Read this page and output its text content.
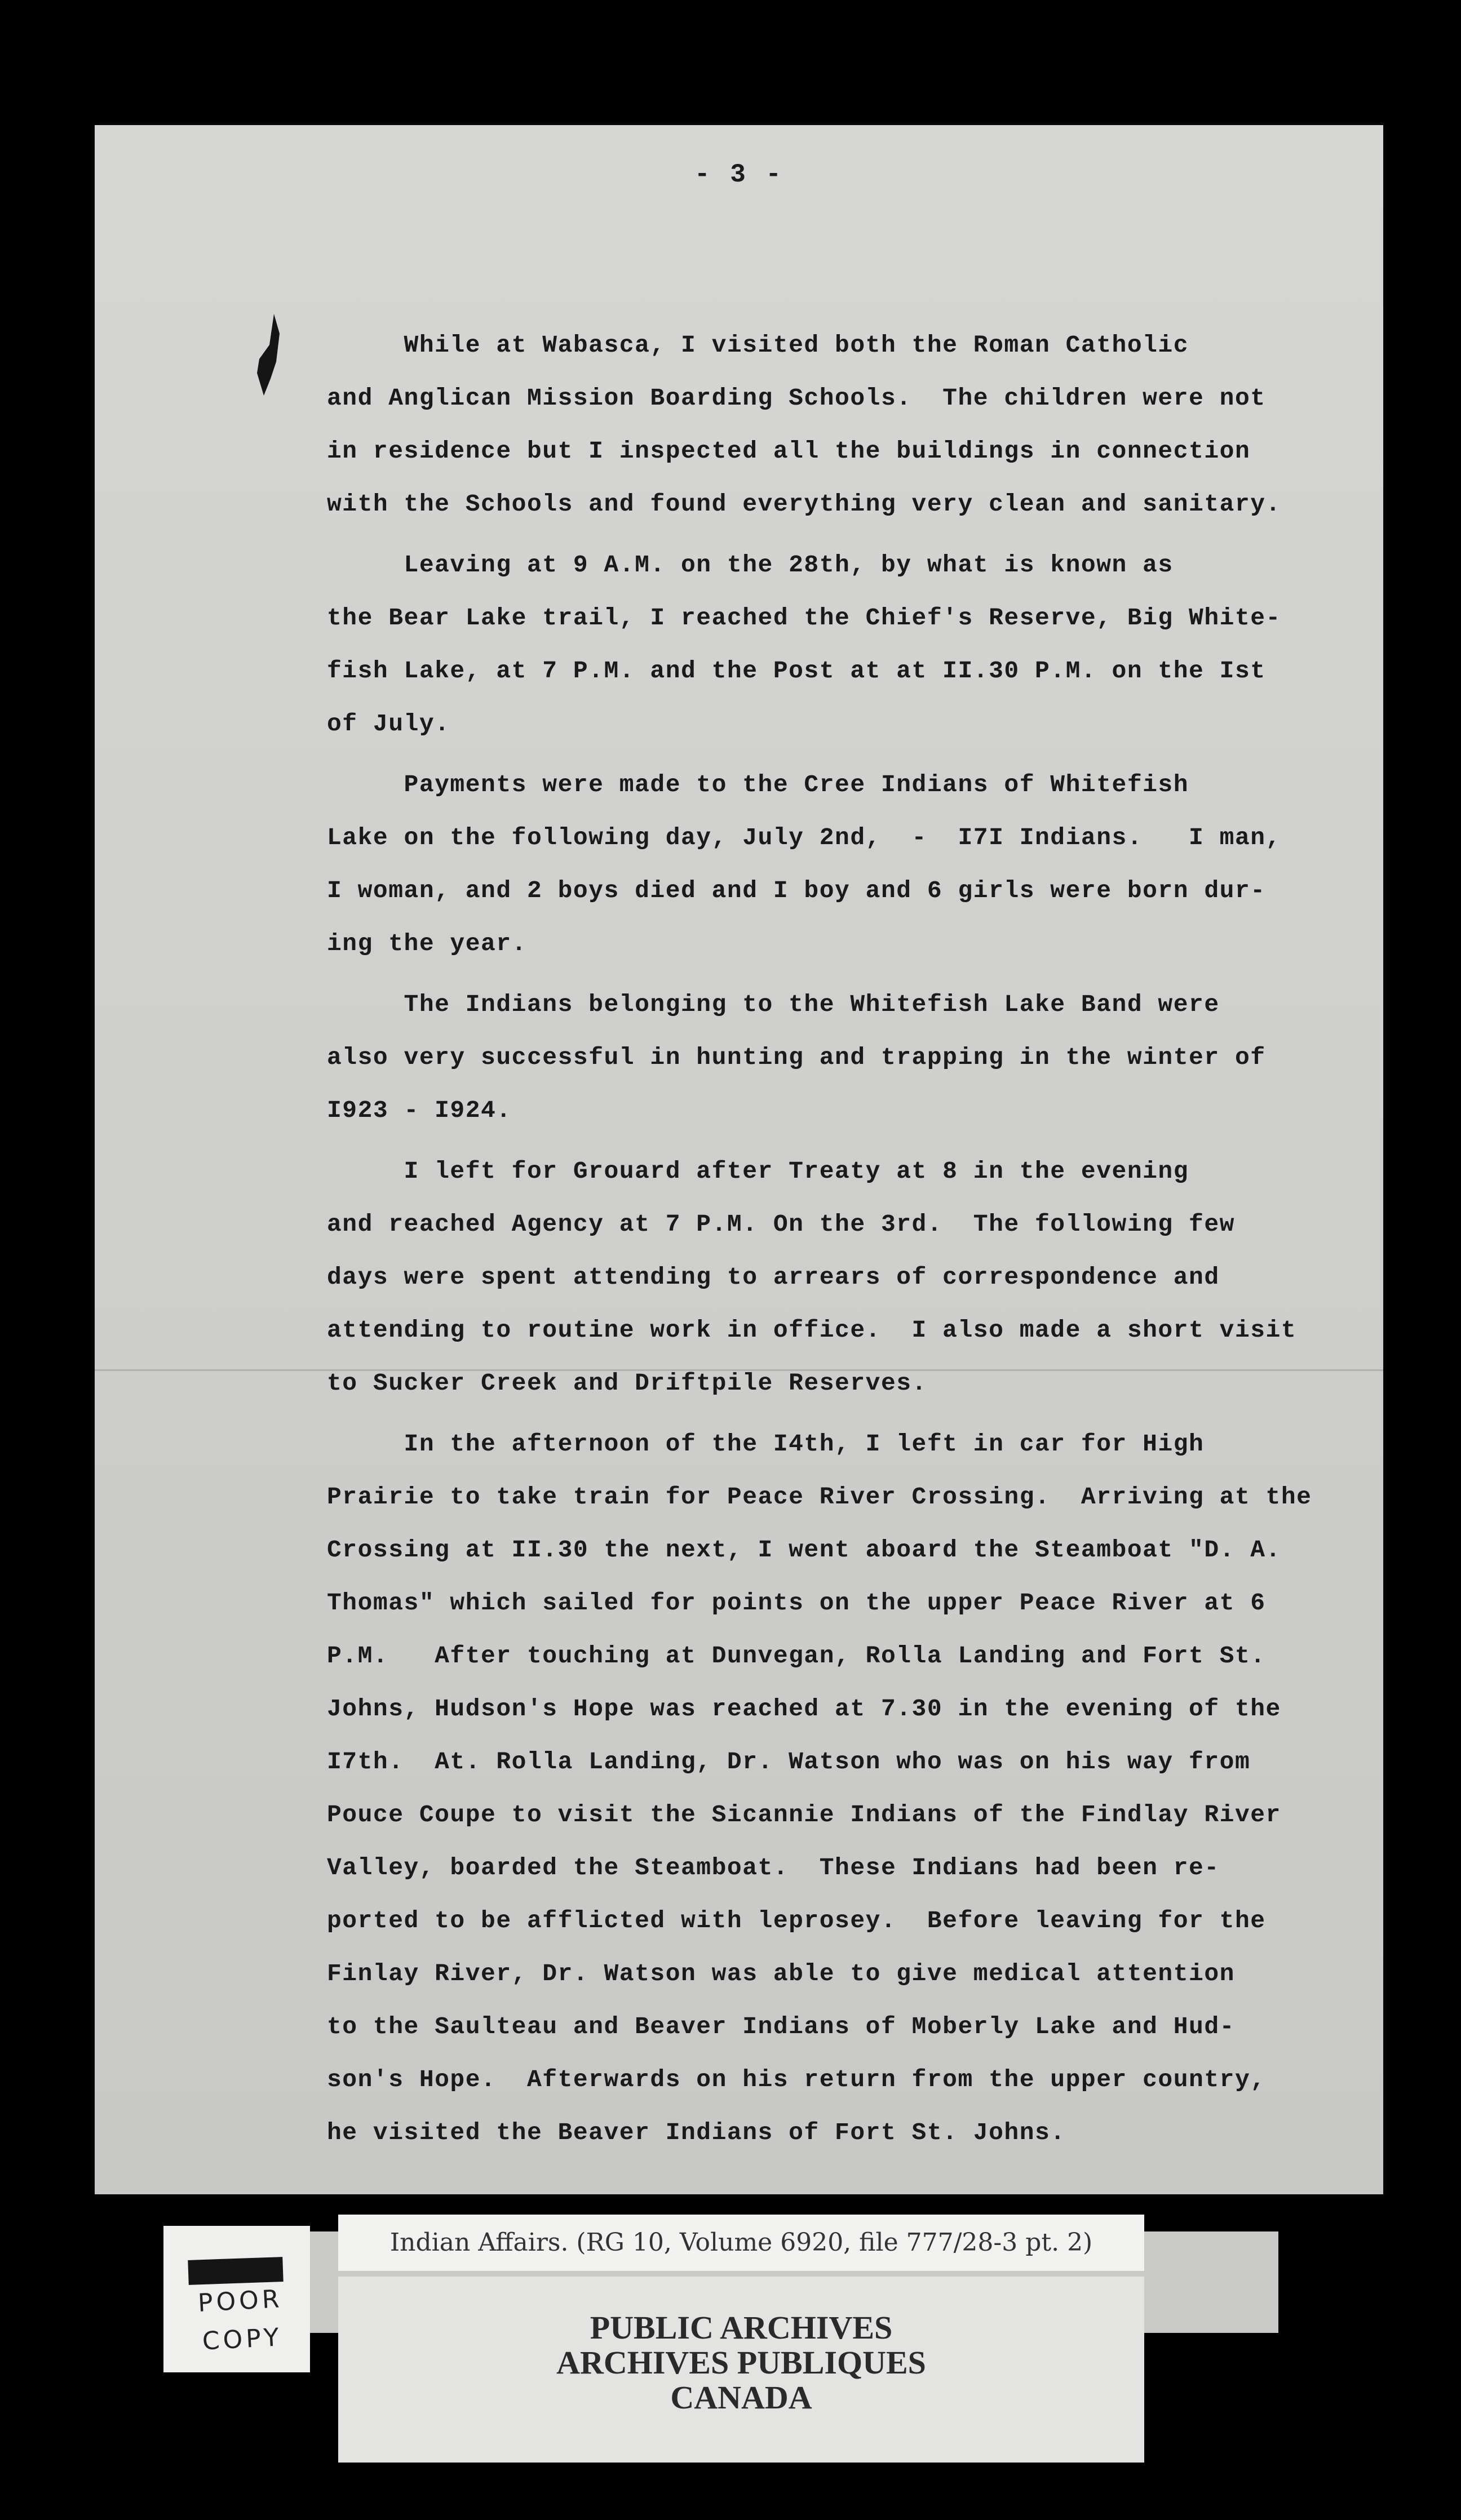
- 3 -
While at Wabasca, I visited both the Roman Catholic
and Anglican Mission Boarding Schools.  The children were not
in residence but I inspected all the buildings in connection
with the Schools and found everything very clean and sanitary.
Leaving at 9 A.M. on the 28th, by what is known as
the Bear Lake trail, I reached the Chief's Reserve, Big White-
fish Lake, at 7 P.M. and the Post at at II.30 P.M. on the Ist
of July.
Payments were made to the Cree Indians of Whitefish
Lake on the following day, July 2nd,  -  I7I Indians.   I man,
I woman, and 2 boys died and I boy and 6 girls were born dur-
ing the year.
The Indians belonging to the Whitefish Lake Band were
also very successful in hunting and trapping in the winter of
I923 - I924.
I left for Grouard after Treaty at 8 in the evening
and reached Agency at 7 P.M. On the 3rd.  The following few
days were spent attending to arrears of correspondence and
attending to routine work in office.  I also made a short visit
to Sucker Creek and Driftpile Reserves.
In the afternoon of the I4th, I left in car for High
Prairie to take train for Peace River Crossing.  Arriving at the
Crossing at II.30 the next, I went aboard the Steamboat "D. A.
Thomas" which sailed for points on the upper Peace River at 6
P.M.   After touching at Dunvegan, Rolla Landing and Fort St.
Johns, Hudson's Hope was reached at 7.30 in the evening of the
I7th.  At. Rolla Landing, Dr. Watson who was on his way from
Pouce Coupe to visit the Sicannie Indians of the Findlay River
Valley, boarded the Steamboat.  These Indians had been re-
ported to be afflicted with leprosey.  Before leaving for the
Finlay River, Dr. Watson was able to give medical attention
to the Saulteau and Beaver Indians of Moberly Lake and Hud-
son's Hope.  Afterwards on his return from the upper country,
he visited the Beaver Indians of Fort St. Johns.
POOR
COPY
Indian Affairs. (RG 10, Volume 6920, file 777/28-3 pt. 2)
PUBLIC ARCHIVES
ARCHIVES PUBLIQUES
CANADA
